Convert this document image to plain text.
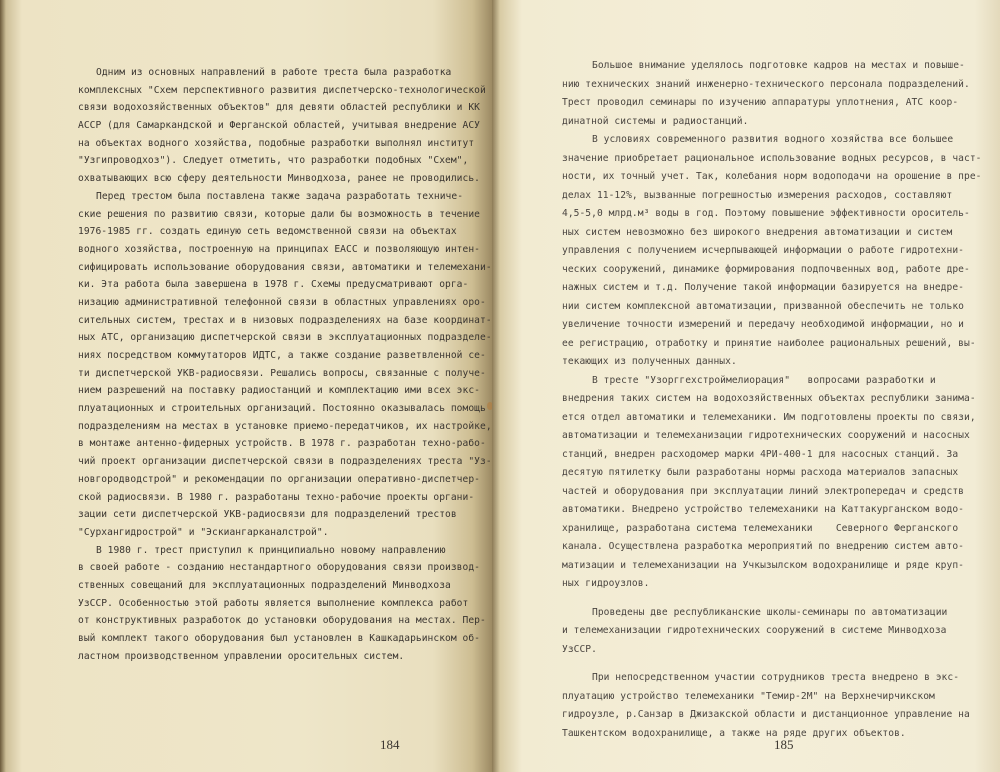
Одним из основных направлений в работе треста была разработка
комплексных "Схем перспективного развития диспетчерско-технологической
связи водохозяйственных объектов" для девяти областей республики и КК
АССР (для Самаркандской и Ферганской областей, учитывая внедрение АСУ
на объектах водного хозяйства, подобные разработки выполнял институт
"Узгипроводхоз"). Следует отметить, что разработки подобных "Схем",
охватывающих всю сферу деятельности Минводхоза, ранее не проводились.
Перед трестом была поставлена также задача разработать техниче-
ские решения по развитию связи, которые дали бы возможность в течение
1976-1985 гг. создать единую сеть ведомственной связи на объектах
водного хозяйства, построенную на принципах ЕАСС и позволяющую интен-
сифицировать использование оборудования связи, автоматики и телемехани-
ки. Эта работа была завершена в 1978 г. Схемы предусматривают орга-
низацию административной телефонной связи в областных управлениях оро-
сительных систем, трестах и в низовых подразделениях на базе координат-
ных АТС, организацию диспетчерской связи в эксплуатационных подразделе-
ниях посредством коммутаторов ИДТС, а также создание разветвленной се-
ти диспетчерской УКВ-радиосвязи. Решались вопросы, связанные с получе-
нием разрешений на поставку радиостанций и комплектацию ими всех экс-
плуатационных и строительных организаций. Постоянно оказывалась помощь
подразделениям на местах в установке приемо-передатчиков, их настройке,
в монтаже антенно-фидерных устройств. В 1978 г. разработан техно-рабо-
чий проект организации диспетчерской связи в подразделениях треста "Уз-
новгородводстрой" и рекомендации по организации оперативно-диспетчер-
ской радиосвязи. В 1980 г. разработаны техно-рабочие проекты органи-
зации сети диспетчерской УКВ-радиосвязи для подразделений трестов
"Сурхангидрострой" и "Эскиангарканалстрой".
В 1980 г. трест приступил к принципиально новому направлению
в своей работе - созданию нестандартного оборудования связи производ-
ственных совещаний для эксплуатационных подразделений Минводхоза
УзССР. Особенностью этой работы является выполнение комплекса работ
от конструктивных разработок до установки оборудования на местах. Пер-
вый комплект такого оборудования был установлен в Кашкадарьинском об-
ластном производственном управлении оросительных систем.
184
Большое внимание уделялось подготовке кадров на местах и повыше-
нию технических знаний инженерно-технического персонала подразделений.
Трест проводил семинары по изучению аппаратуры уплотнения, АТС коор-
динатной системы и радиостанций.
В условиях современного развития водного хозяйства все большее
значение приобретает рациональное использование водных ресурсов, в част-
ности, их точный учет. Так, колебания норм водоподачи на орошение в пре-
делах 11-12%, вызванные погрешностью измерения расходов, составляют
4,5-5,0 млрд.м³ воды в год. Поэтому повышение эффективности ороситель-
ных систем невозможно без широкого внедрения автоматизации и систем
управления с получением исчерпывающей информации о работе гидротехни-
ческих сооружений, динамике формирования подпочвенных вод, работе дре-
нажных систем и т.д. Получение такой информации базируется на внедре-
нии систем комплексной автоматизации, призванной обеспечить не только
увеличение точности измерений и передачу необходимой информации, но и
ее регистрацию, отработку и принятие наиболее рациональных решений, вы-
текающих из полученных данных.
В тресте "Узорггехстроймелиорация"   вопросами разработки и
внедрения таких систем на водохозяйственных объектах республики занима-
ется отдел автоматики и телемеханики. Им подготовлены проекты по связи,
автоматизации и телемеханизации гидротехнических сооружений и насосных
станций, внедрен расходомер марки 4РИ-400-1 для насосных станций. За
десятую пятилетку были разработаны нормы расхода материалов запасных
частей и оборудования при эксплуатации линий электропередач и средств
автоматики. Внедрено устройство телемеханики на Каттакурганском водо-
хранилище, разработана система телемеханики    Северного Ферганского
канала. Осуществлена разработка мероприятий по внедрению систем авто-
матизации и телемеханизации на Учкызылском водохранилище и ряде круп-
ных гидроузлов.
Проведены две республиканские школы-семинары по автоматизации
и телемеханизации гидротехнических сооружений в системе Минводхоза
УзССР.
При непосредственном участии сотрудников треста внедрено в экс-
плуатацию устройство телемеханики "Темир-2М" на Верхнечирчикском
гидроузле, р.Санзар в Джизакской области и дистанционное управление на
Ташкентском водохранилище, а также на ряде других объектов.
185
